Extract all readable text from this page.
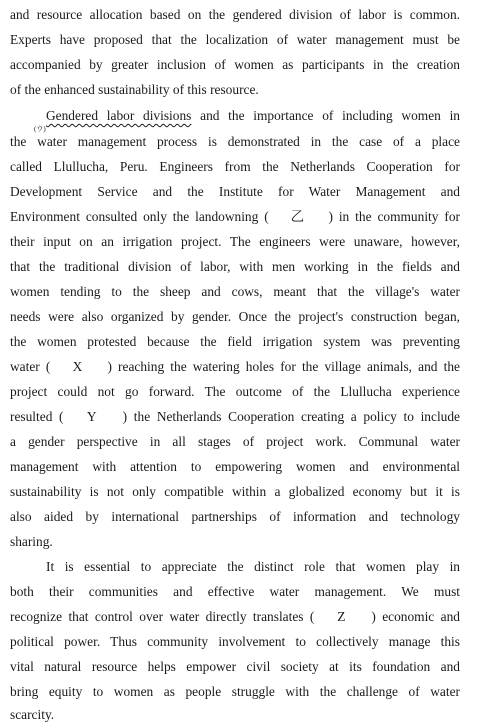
and resource allocation based on the gendered division of labor is common.
Experts have proposed that the localization of water management must be
accompanied by greater inclusion of women as participants in the creation
of the enhanced sustainability of this resource.
(ウ)
Gendered labor divisions and the importance of including women in
the water management process is demonstrated in the case of a place
called Llullucha, Peru. Engineers from the Netherlands Cooperation for
Development Service and the Institute for Water Management and
Environment consulted only the landowning ( 　乙　 ) in the community for
their input on an irrigation project. The engineers were unaware, however,
that the traditional division of labor, with men working in the fields and
women tending to the sheep and cows, meant that the village's water
needs were also organized by gender. Once the project's construction began,
the women protested because the field irrigation system was preventing
water ( 　X　 ) reaching the watering holes for the village animals, and the
project could not go forward. The outcome of the Llullucha experience
resulted ( 　Y　 ) the Netherlands Cooperation creating a policy to include
a gender perspective in all stages of project work. Communal water
management with attention to empowering women and environmental
sustainability is not only compatible within a globalized economy but it is
also aided by international partnerships of information and technology
sharing.
It is essential to appreciate the distinct role that women play in
both their communities and effective water management. We must
recognize that control over water directly translates ( 　Z　 ) economic and
political power. Thus community involvement to collectively manage this
vital natural resource helps empower civil society at its foundation and
bring equity to women as people struggle with the challenge of water
scarcity.
